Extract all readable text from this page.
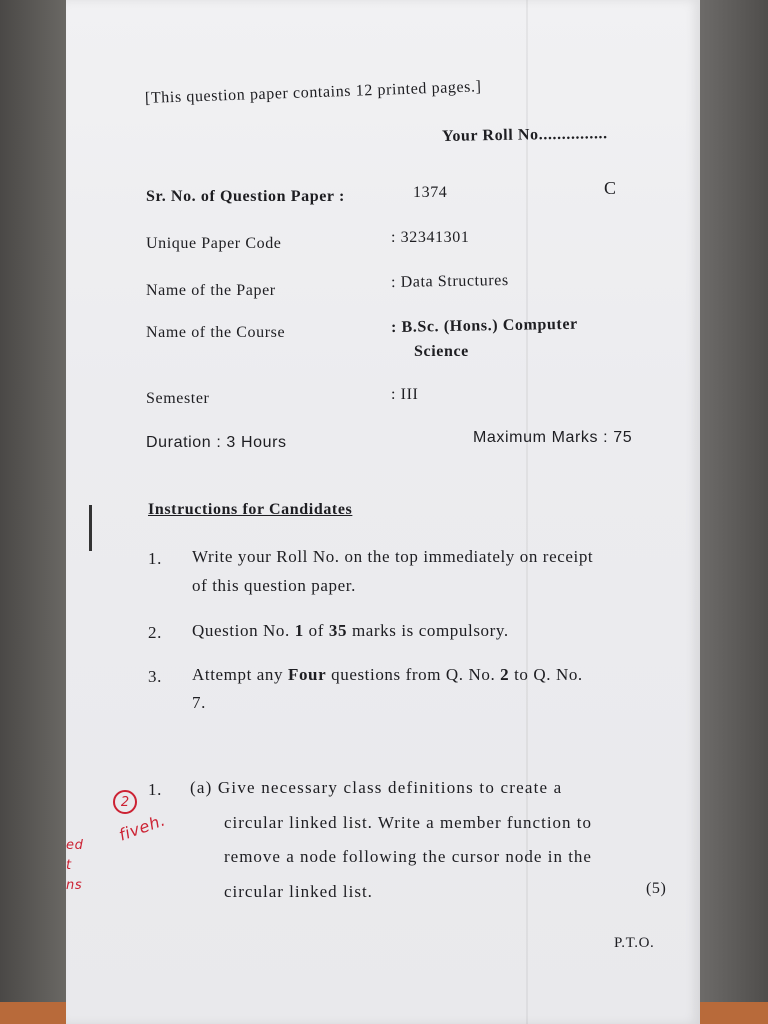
[This question paper contains 12 printed pages.]
Your Roll No...............
Sr. No. of Question Paper :	1374	C
Unique Paper Code	: 32341301
Name of the Paper	: Data Structures
Name of the Course	: B.Sc. (Hons.) Computer
Science
Semester	: III
Duration : 3 Hours	Maximum Marks : 75
Instructions for Candidates
1. Write your Roll No. on the top immediately on receipt
of this question paper.
2. Question No. 1 of 35 marks is compulsory.
3. Attempt any Four questions from Q. No. 2 to Q. No.
7.
1. (a) Give necessary class definitions to create a
circular linked list. Write a member function to
remove a node following the cursor node in the
circular linked list.	(5)
P.T.O.
2
fiveh.
ed
t
ns
